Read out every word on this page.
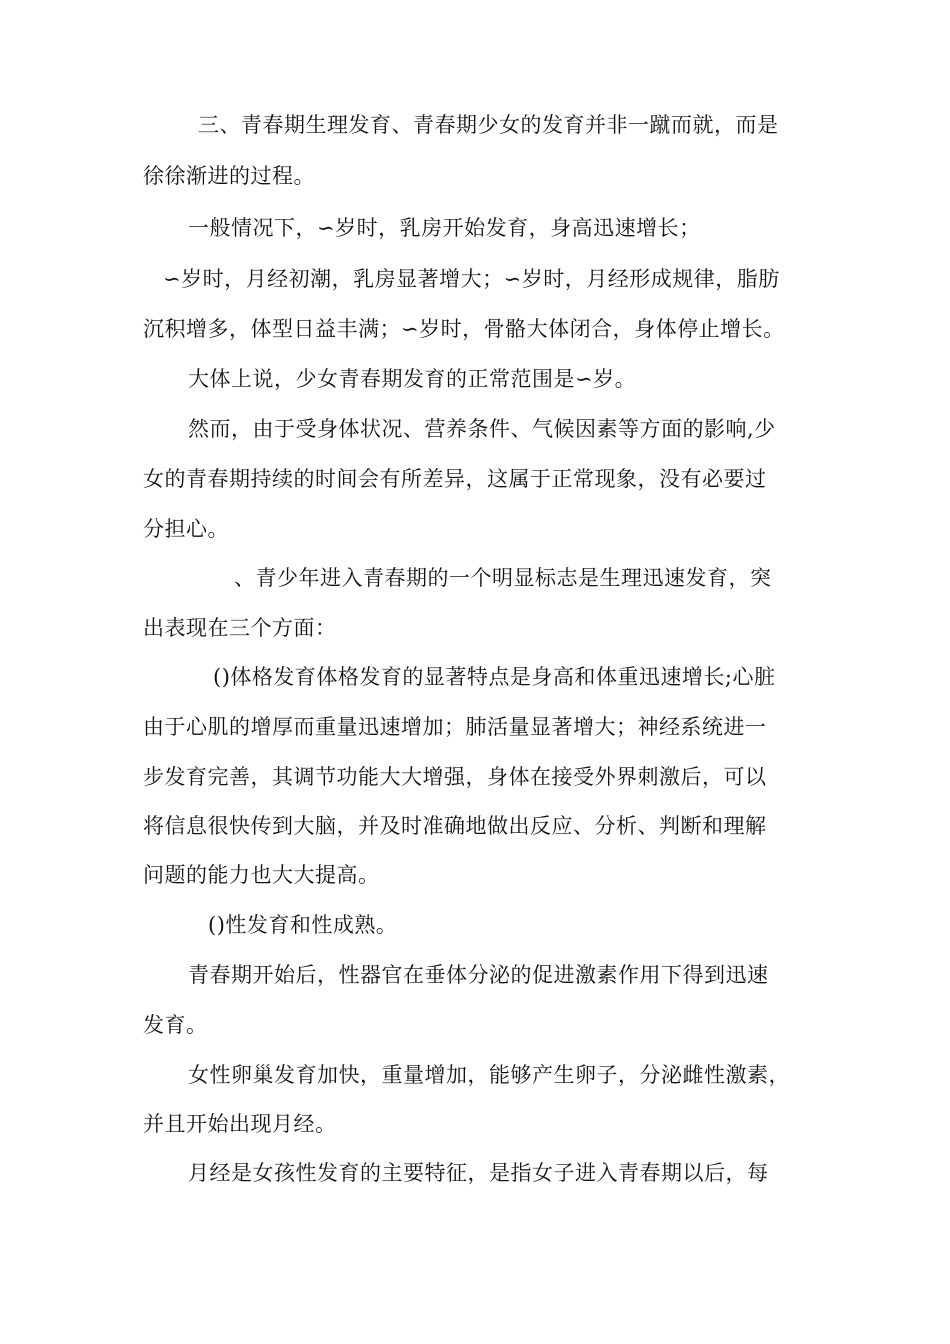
三、青春期生理发育、青春期少女的发育并非一蹴而就，而是
徐徐渐进的过程。
一般情况下，∽岁时，乳房开始发育，身高迅速增长；
∽岁时，月经初潮，乳房显著增大；∽岁时，月经形成规律，脂肪
沉积增多，体型日益丰满；∽岁时，骨骼大体闭合，身体停止增长。
大体上说，少女青春期发育的正常范围是∽岁。
然而，由于受身体状况、营养条件、气候因素等方面的影响,少
女的青春期持续的时间会有所差异，这属于正常现象，没有必要过
分担心。
、青少年进入青春期的一个明显标志是生理迅速发育，突
出表现在三个方面：
()体格发育体格发育的显著特点是身高和体重迅速增长;心脏
由于心肌的增厚而重量迅速增加；肺活量显著增大；神经系统进一
步发育完善，其调节功能大大增强，身体在接受外界刺激后，可以
将信息很快传到大脑，并及时准确地做出反应、分析、判断和理解
问题的能力也大大提高。
()性发育和性成熟。
青春期开始后，性器官在垂体分泌的促进激素作用下得到迅速
发育。
女性卵巢发育加快，重量增加，能够产生卵子，分泌雌性激素，
并且开始出现月经。
月经是女孩性发育的主要特征，是指女子进入青春期以后，每
